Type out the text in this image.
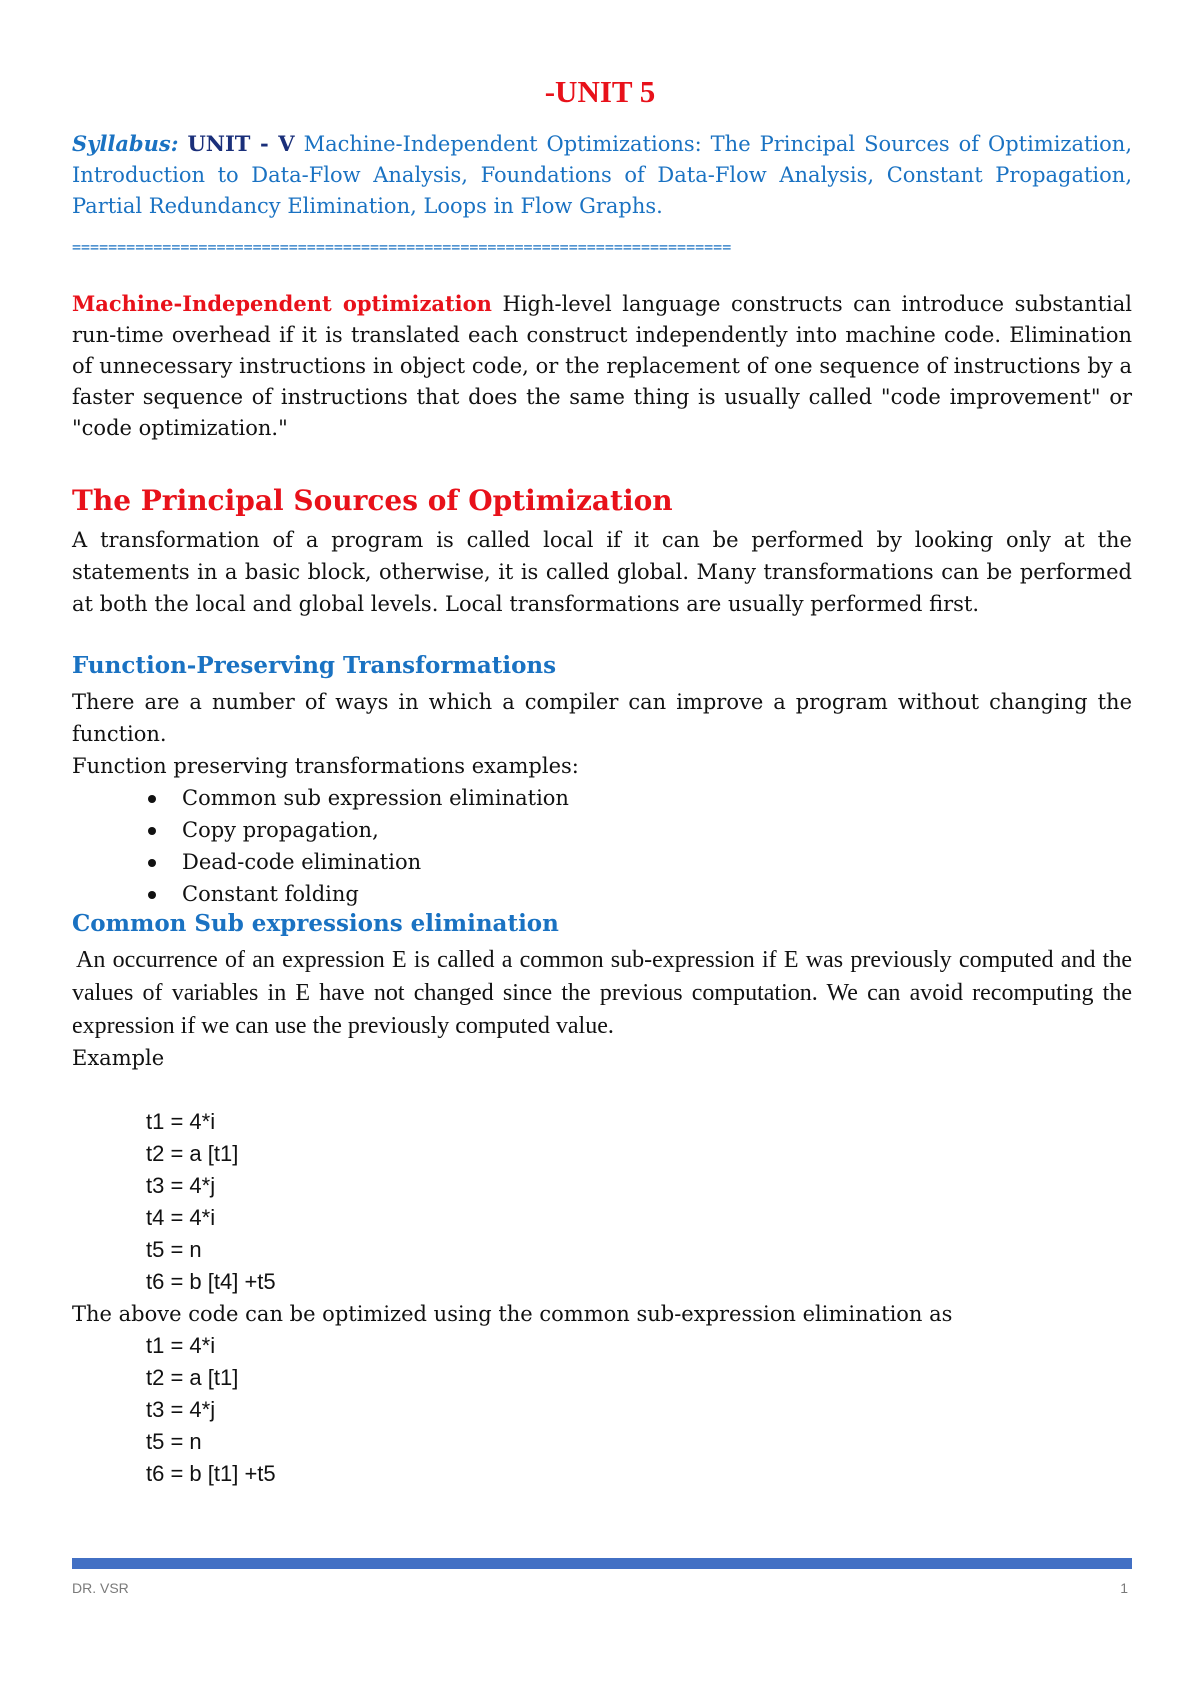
-UNIT 5
Syllabus: UNIT - V Machine-Independent Optimizations: The Principal Sources of Optimization, Introduction to Data-Flow Analysis, Foundations of Data-Flow Analysis, Constant Propagation, Partial Redundancy Elimination, Loops in Flow Graphs.
=========================================================================
Machine-Independent optimization High-level language constructs can introduce substantial run-time overhead if it is translated each construct independently into machine code. Elimination of unnecessary instructions in object code, or the replacement of one sequence of instructions by a faster sequence of instructions that does the same thing is usually called "code improvement" or "code optimization."
The Principal Sources of Optimization
A transformation of a program is called local if it can be performed by looking only at the statements in a basic block, otherwise, it is called global. Many transformations can be performed at both the local and global levels. Local transformations are usually performed first.
Function-Preserving Transformations
There are a number of ways in which a compiler can improve a program without changing the function.
Function preserving transformations examples:
Common sub expression elimination
Copy propagation,
Dead-code elimination
Constant folding
Common Sub expressions elimination
An occurrence of an expression E is called a common sub-expression if E was previously computed and the values of variables in E have not changed since the previous computation. We can avoid recomputing the expression if we can use the previously computed value.
Example
t1 = 4*i
t2 = a [t1]
t3 = 4*j
t4 = 4*i
t5 = n
t6 = b [t4] +t5
The above code can be optimized using the common sub-expression elimination as
t1 = 4*i
t2 = a [t1]
t3 = 4*j
t5 = n
t6 = b [t1] +t5
DR. VSR	1
